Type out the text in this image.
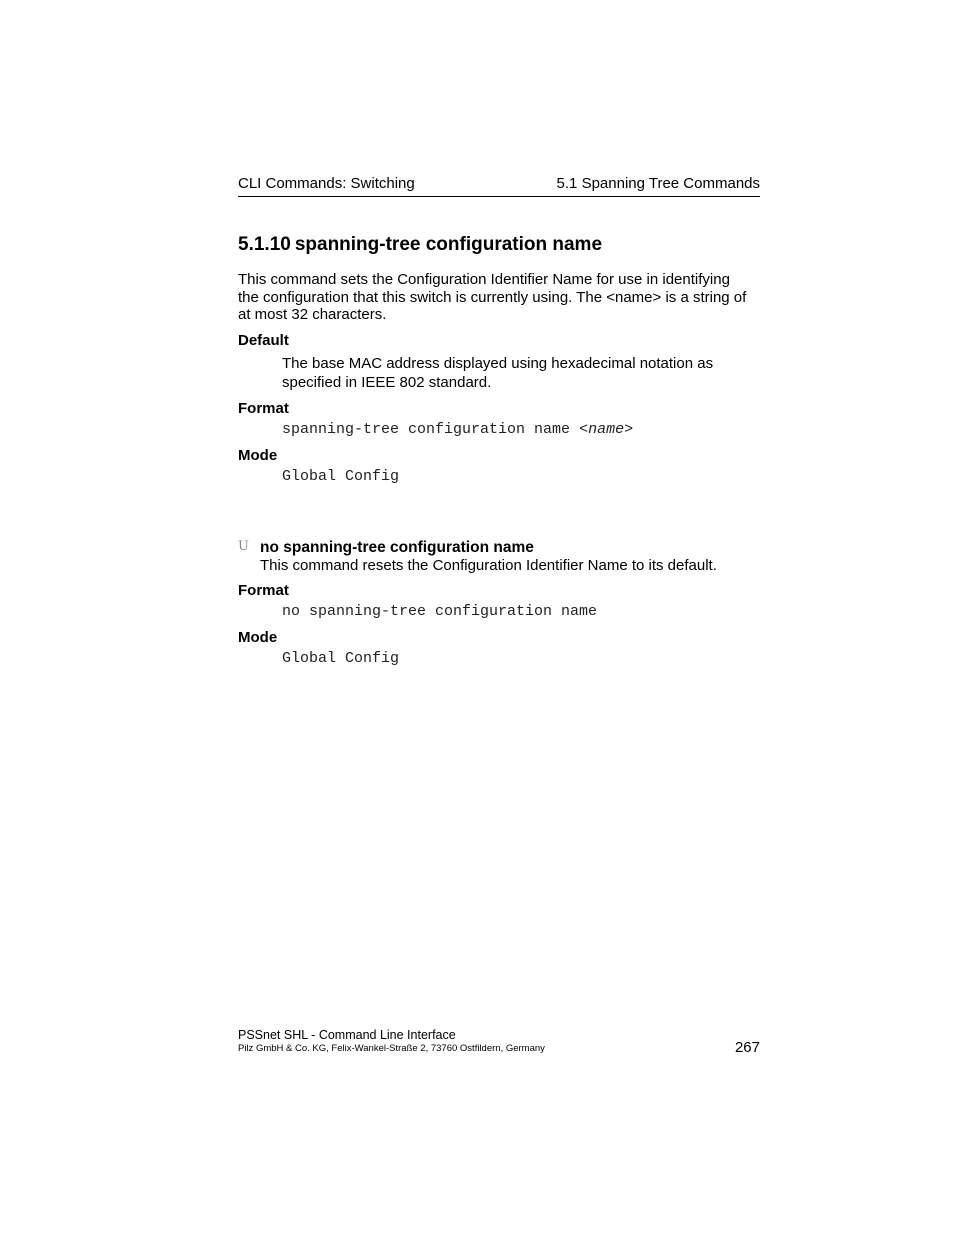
CLI Commands: Switching	5.1 Spanning Tree Commands
5.1.10 spanning-tree configuration name
This command sets the Configuration Identifier Name for use in identifying
the configuration that this switch is currently using. The <name> is a string of
at most 32 characters.
Default
The base MAC address displayed using hexadecimal notation as
specified in IEEE 802 standard.
Format
spanning-tree configuration name <name>
Mode
Global Config
U no spanning-tree configuration name
This command resets the Configuration Identifier Name to its default.
Format
no spanning-tree configuration name
Mode
Global Config
PSSnet SHL - Command Line Interface
Pilz GmbH & Co. KG, Felix-Wankel-Straße 2, 73760 Ostfildern, Germany	267
